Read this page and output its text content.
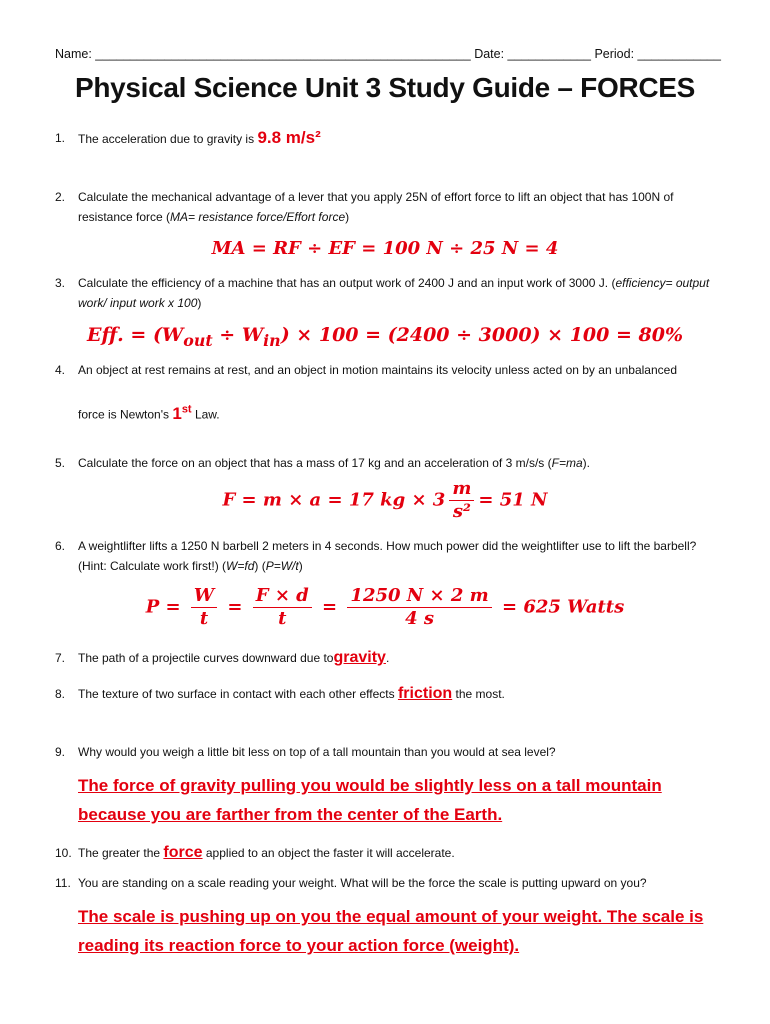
Name: ______________________________________________________ Date: ____________ Period: ____________
Physical Science Unit 3 Study Guide – FORCES
1.	The acceleration due to gravity is 9.8 m/s²
2.	Calculate the mechanical advantage of a lever that you apply 25N of effort force to lift an object that has 100N of resistance force (MA= resistance force/Effort force)
MA = RF ÷ EF = 100 N ÷ 25 N = 4
3.	Calculate the efficiency of a machine that has an output work of 2400 J and an input work of 3000 J. (efficiency= output work/ input work x 100)
Eff. = $(W_{out} \div W_{in}) \times 100 = (2400 \div 3000) \times 100 = 80\%$
4.	An object at rest remains at rest, and an object in motion maintains its velocity unless acted on by an unbalanced
force is Newton's 1st Law.
5.	Calculate the force on an object that has a mass of 17 kg and an acceleration of 3 m/s/s (F=ma).
F = m × a = 17 kg × $3 \frac{m}{\text{s²}} = 51$ N
6.	A weightlifter lifts a 1250 N barbell 2 meters in 4 seconds. How much power did the weightlifter use to lift the barbell? (Hint: Calculate work first!) (W=fd) (P=W/t)
$P = \frac{W}{t} = \frac{F \times d}{t} = \frac{1250 N \times 2 m}{4 s} = 625$ Watts
7.	The path of a projectile curves downward due togravity.
8.	The texture of two surface in contact with each other effects friction the most.
9.	Why would you weigh a little bit less on top of a tall mountain than you would at sea level?
The force of gravity pulling you would be slightly less on a tall mountain because you are farther from the center of the Earth.
10. The greater the force applied to an object the faster it will accelerate.
11. You are standing on a scale reading your weight. What will be the force the scale is putting upward on you?
The scale is pushing up on you the equal amount of your weight. The scale is reading its reaction force to your action force (weight).
